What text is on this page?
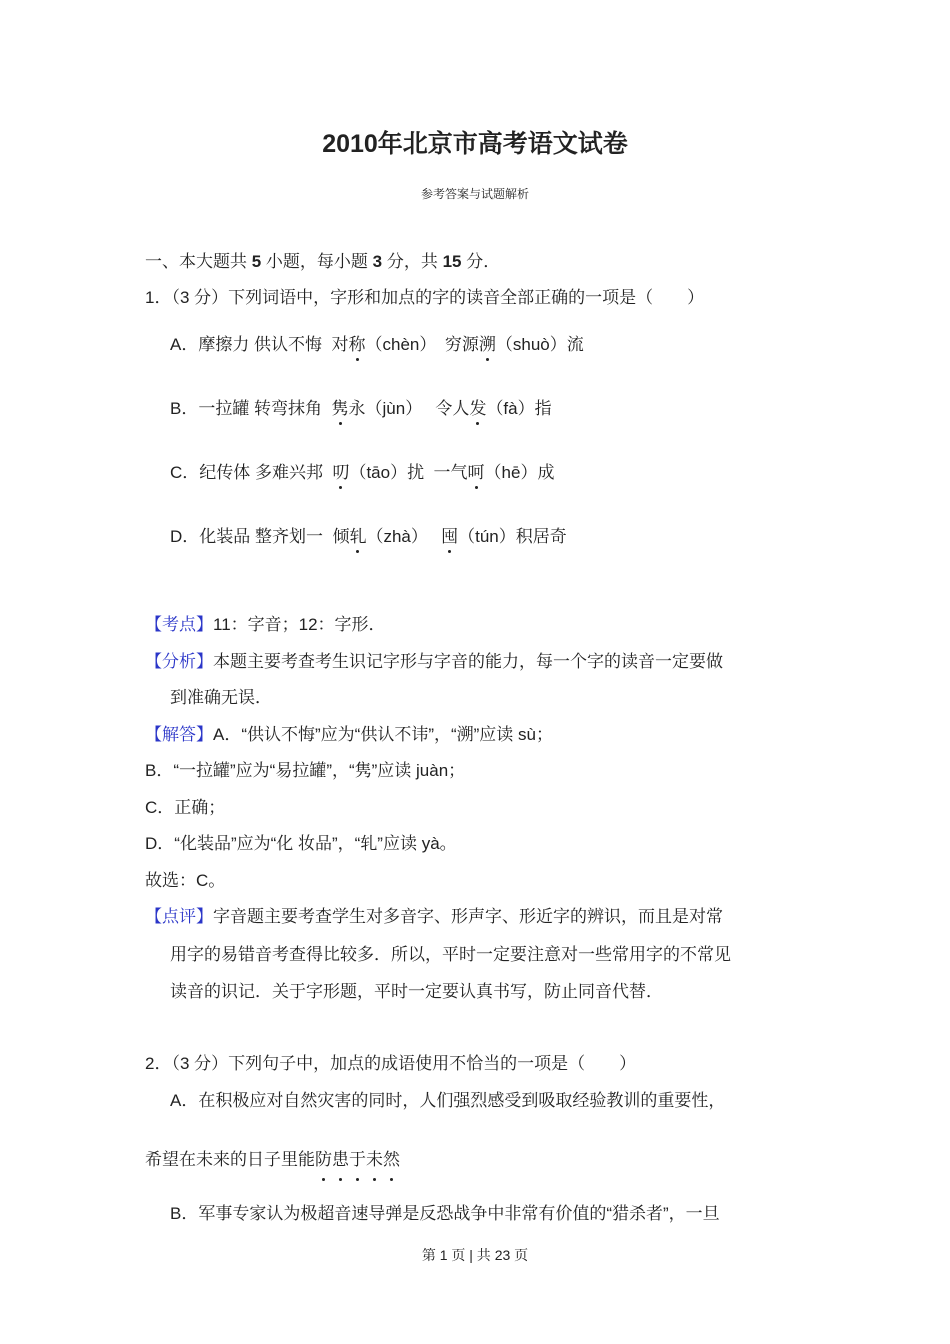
2010年北京市高考语文试卷
参考答案与试题解析
一、本大题共 5 小题，每小题 3 分，共 15 分．
1．（3 分）下列词语中，字形和加点的字的读音全部正确的一项是（　　）
A．摩擦力 供认不悔  对称（chèn）　穷源溯（shuò）流
B．一拉罐 转弯抹角  隽永（jùn）　 令人发（fà）指
C．纪传体 多难兴邦  叨（tāo）扰  一气呵（hē）成
D．化装品 整齐划一  倾轧（zhà）　 囤（tún）积居奇
【考点】11：字音；12：字形．
【分析】本题主要考查考生识记字形与字音的能力，每一个字的读音一定要做
到准确无误．
【解答】A．“供认不悔”应为“供认不讳”，“溯”应读 sù；
B．“一拉罐”应为“易拉罐”，“隽”应读 juàn；
C．正确；
D．“化装品”应为“化 妆品”，“轧”应读 yà。
故选：C。
【点评】字音题主要考查学生对多音字、形声字、形近字的辨识，而且是对常
用字的易错音考查得比较多．所以，平时一定要注意对一些常用字的不常见
读音的识记．关于字形题，平时一定要认真书写，防止同音代替．
2．（3 分）下列句子中，加点的成语使用不恰当的一项是（　　）
A．在积极应对自然灾害的同时，人们强烈感受到吸取经验教训的重要性，
希望在未来的日子里能防患于未然
B．军事专家认为极超音速导弹是反恐战争中非常有价值的“猎杀者”，一旦
第 1 页 | 共 23 页
